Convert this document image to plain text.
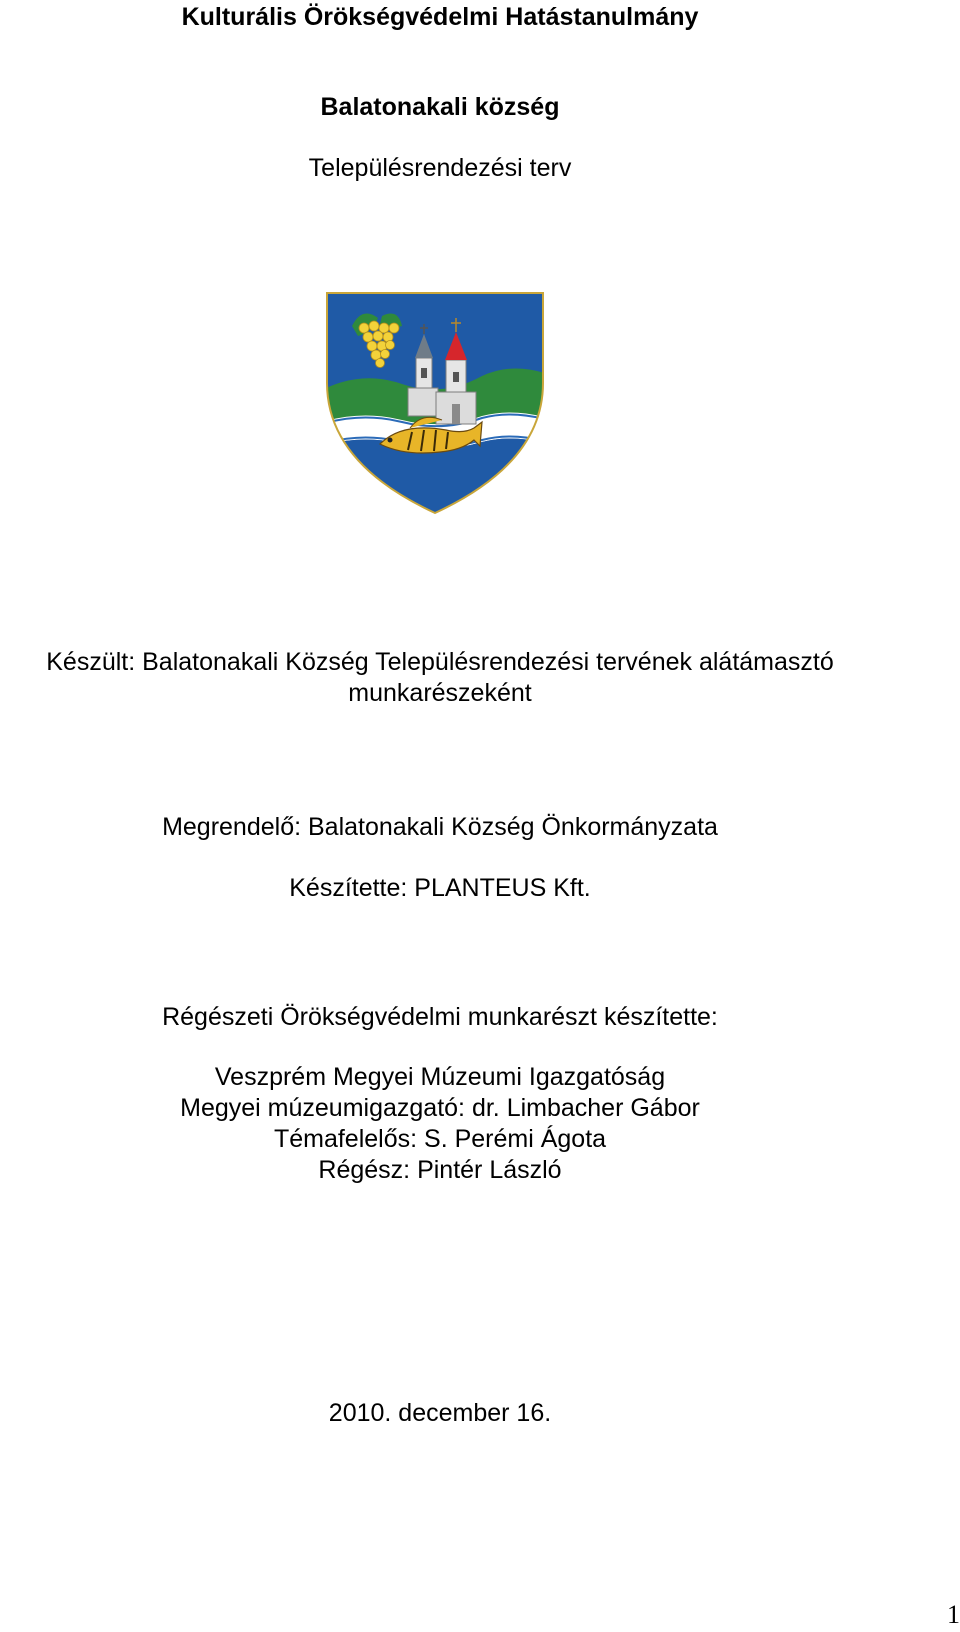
Kulturális Örökségvédelmi Hatástanulmány
Balatonakali község
Településrendezési terv
Készült: Balatonakali Község Településrendezési tervének alátámasztó
munkarészeként
Megrendelő: Balatonakali Község Önkormányzata
Készítette: PLANTEUS Kft.
Régészeti Örökségvédelmi munkarészt készítette:
Veszprém Megyei Múzeumi Igazgatóság
Megyei múzeumigazgató: dr. Limbacher Gábor
Témafelelős: S. Perémi Ágota
Régész: Pintér László
2010. december 16.
1
